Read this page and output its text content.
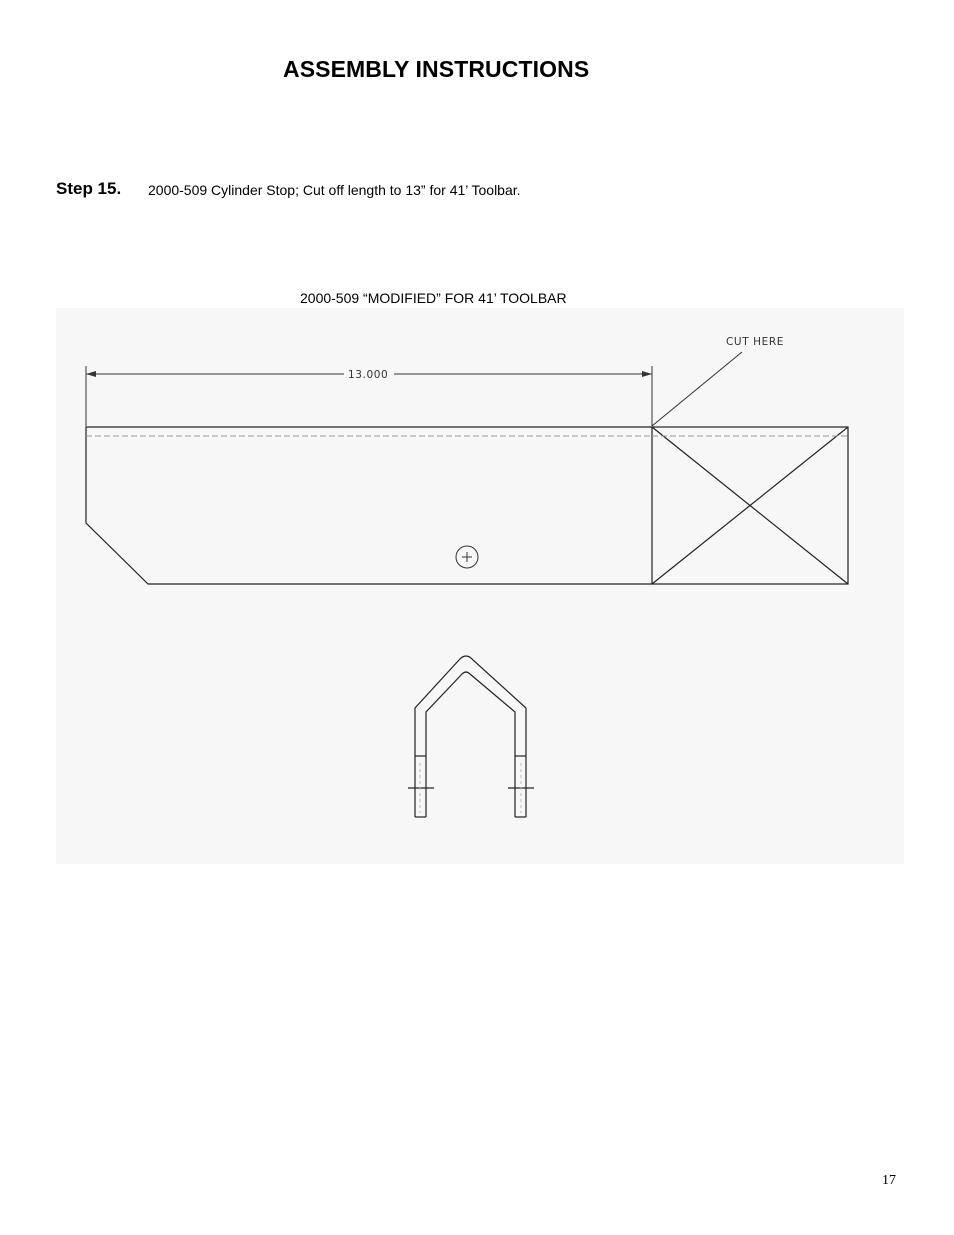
ASSEMBLY INSTRUCTIONS
Step 15. 2000-509 Cylinder Stop; Cut off length to 13” for 41’ Toolbar.
2000-509 “MODIFIED” FOR 41’ TOOLBAR
13.000
CUT HERE
17
